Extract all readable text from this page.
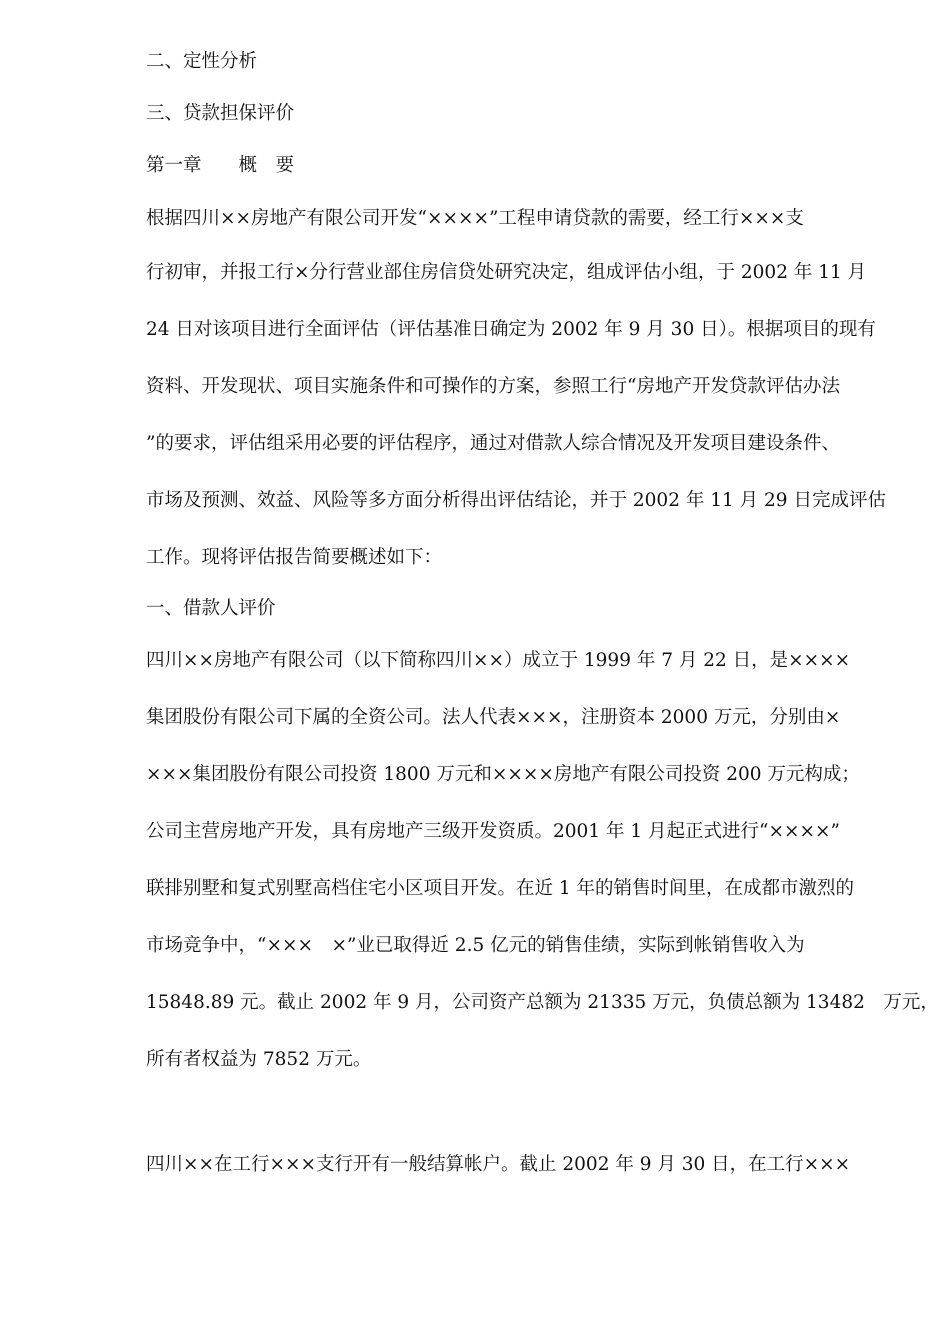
二、定性分析
三、贷款担保评价
第一章　　概　要
根据四川××房地产有限公司开发“××××”工程申请贷款的需要，经工行×××支
行初审，并报工行×分行营业部住房信贷处研究决定，组成评估小组，于 2002 年 11 月
24 日对该项目进行全面评估（评估基准日确定为 2002 年 9 月 30 日）。根据项目的现有
资料、开发现状、项目实施条件和可操作的方案，参照工行“房地产开发贷款评估办法
”的要求，评估组采用必要的评估程序，通过对借款人综合情况及开发项目建设条件、
市场及预测、效益、风险等多方面分析得出评估结论，并于 2002 年 11 月 29 日完成评估
工作。现将评估报告简要概述如下：
一、借款人评价
四川××房地产有限公司（以下简称四川××）成立于 1999 年 7 月 22 日，是××××
集团股份有限公司下属的全资公司。法人代表×××，注册资本 2000 万元，分别由×
×××集团股份有限公司投资 1800 万元和××××房地产有限公司投资 200 万元构成；
公司主营房地产开发，具有房地产三级开发资质。2001 年 1 月起正式进行“××××”
联排别墅和复式别墅高档住宅小区项目开发。在近 1 年的销售时间里，在成都市激烈的
市场竞争中，“×××　×”业已取得近 2.5 亿元的销售佳绩，实际到帐销售收入为
15848.89 元。截止 2002 年 9 月，公司资产总额为 21335 万元，负债总额为 13482　万元，
所有者权益为 7852 万元。
四川××在工行×××支行开有一般结算帐户。截止 2002 年 9 月 30 日，在工行×××
